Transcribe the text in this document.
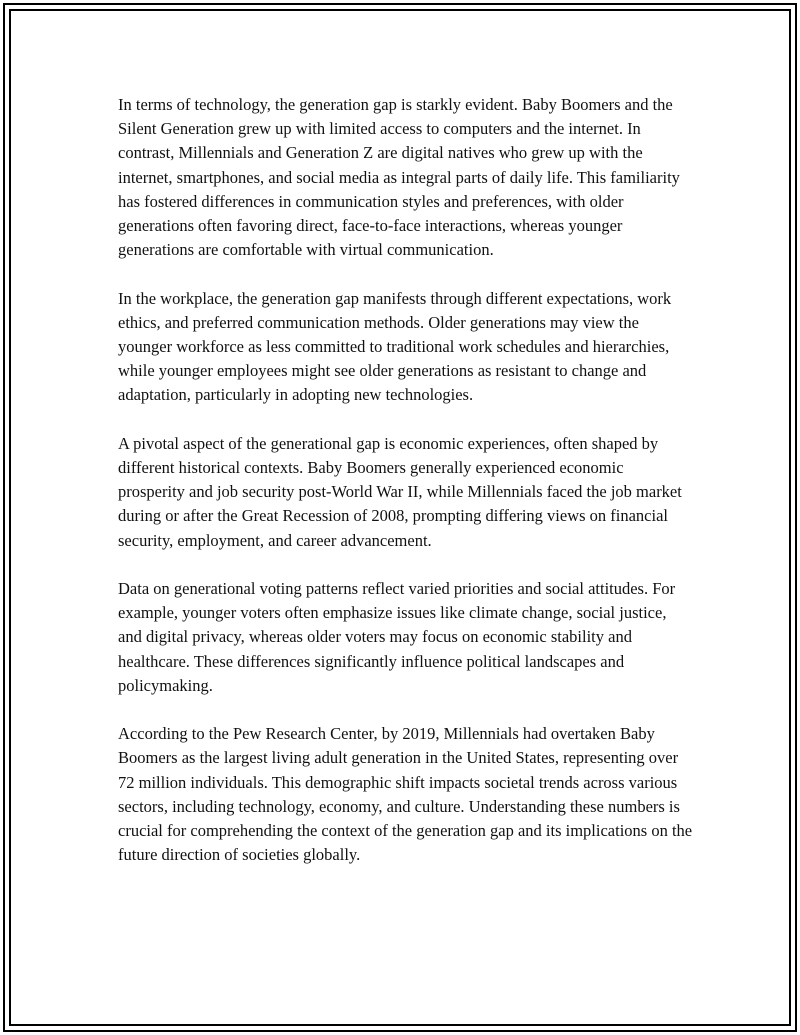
In terms of technology, the generation gap is starkly evident. Baby Boomers and the Silent Generation grew up with limited access to computers and the internet. In contrast, Millennials and Generation Z are digital natives who grew up with the internet, smartphones, and social media as integral parts of daily life. This familiarity has fostered differences in communication styles and preferences, with older generations often favoring direct, face-to-face interactions, whereas younger generations are comfortable with virtual communication.

In the workplace, the generation gap manifests through different expectations, work ethics, and preferred communication methods. Older generations may view the younger workforce as less committed to traditional work schedules and hierarchies, while younger employees might see older generations as resistant to change and adaptation, particularly in adopting new technologies.

A pivotal aspect of the generational gap is economic experiences, often shaped by different historical contexts. Baby Boomers generally experienced economic prosperity and job security post-World War II, while Millennials faced the job market during or after the Great Recession of 2008, prompting differing views on financial security, employment, and career advancement.

Data on generational voting patterns reflect varied priorities and social attitudes. For example, younger voters often emphasize issues like climate change, social justice, and digital privacy, whereas older voters may focus on economic stability and healthcare. These differences significantly influence political landscapes and policymaking.

According to the Pew Research Center, by 2019, Millennials had overtaken Baby Boomers as the largest living adult generation in the United States, representing over 72 million individuals. This demographic shift impacts societal trends across various sectors, including technology, economy, and culture. Understanding these numbers is crucial for comprehending the context of the generation gap and its implications on the future direction of societies globally.
